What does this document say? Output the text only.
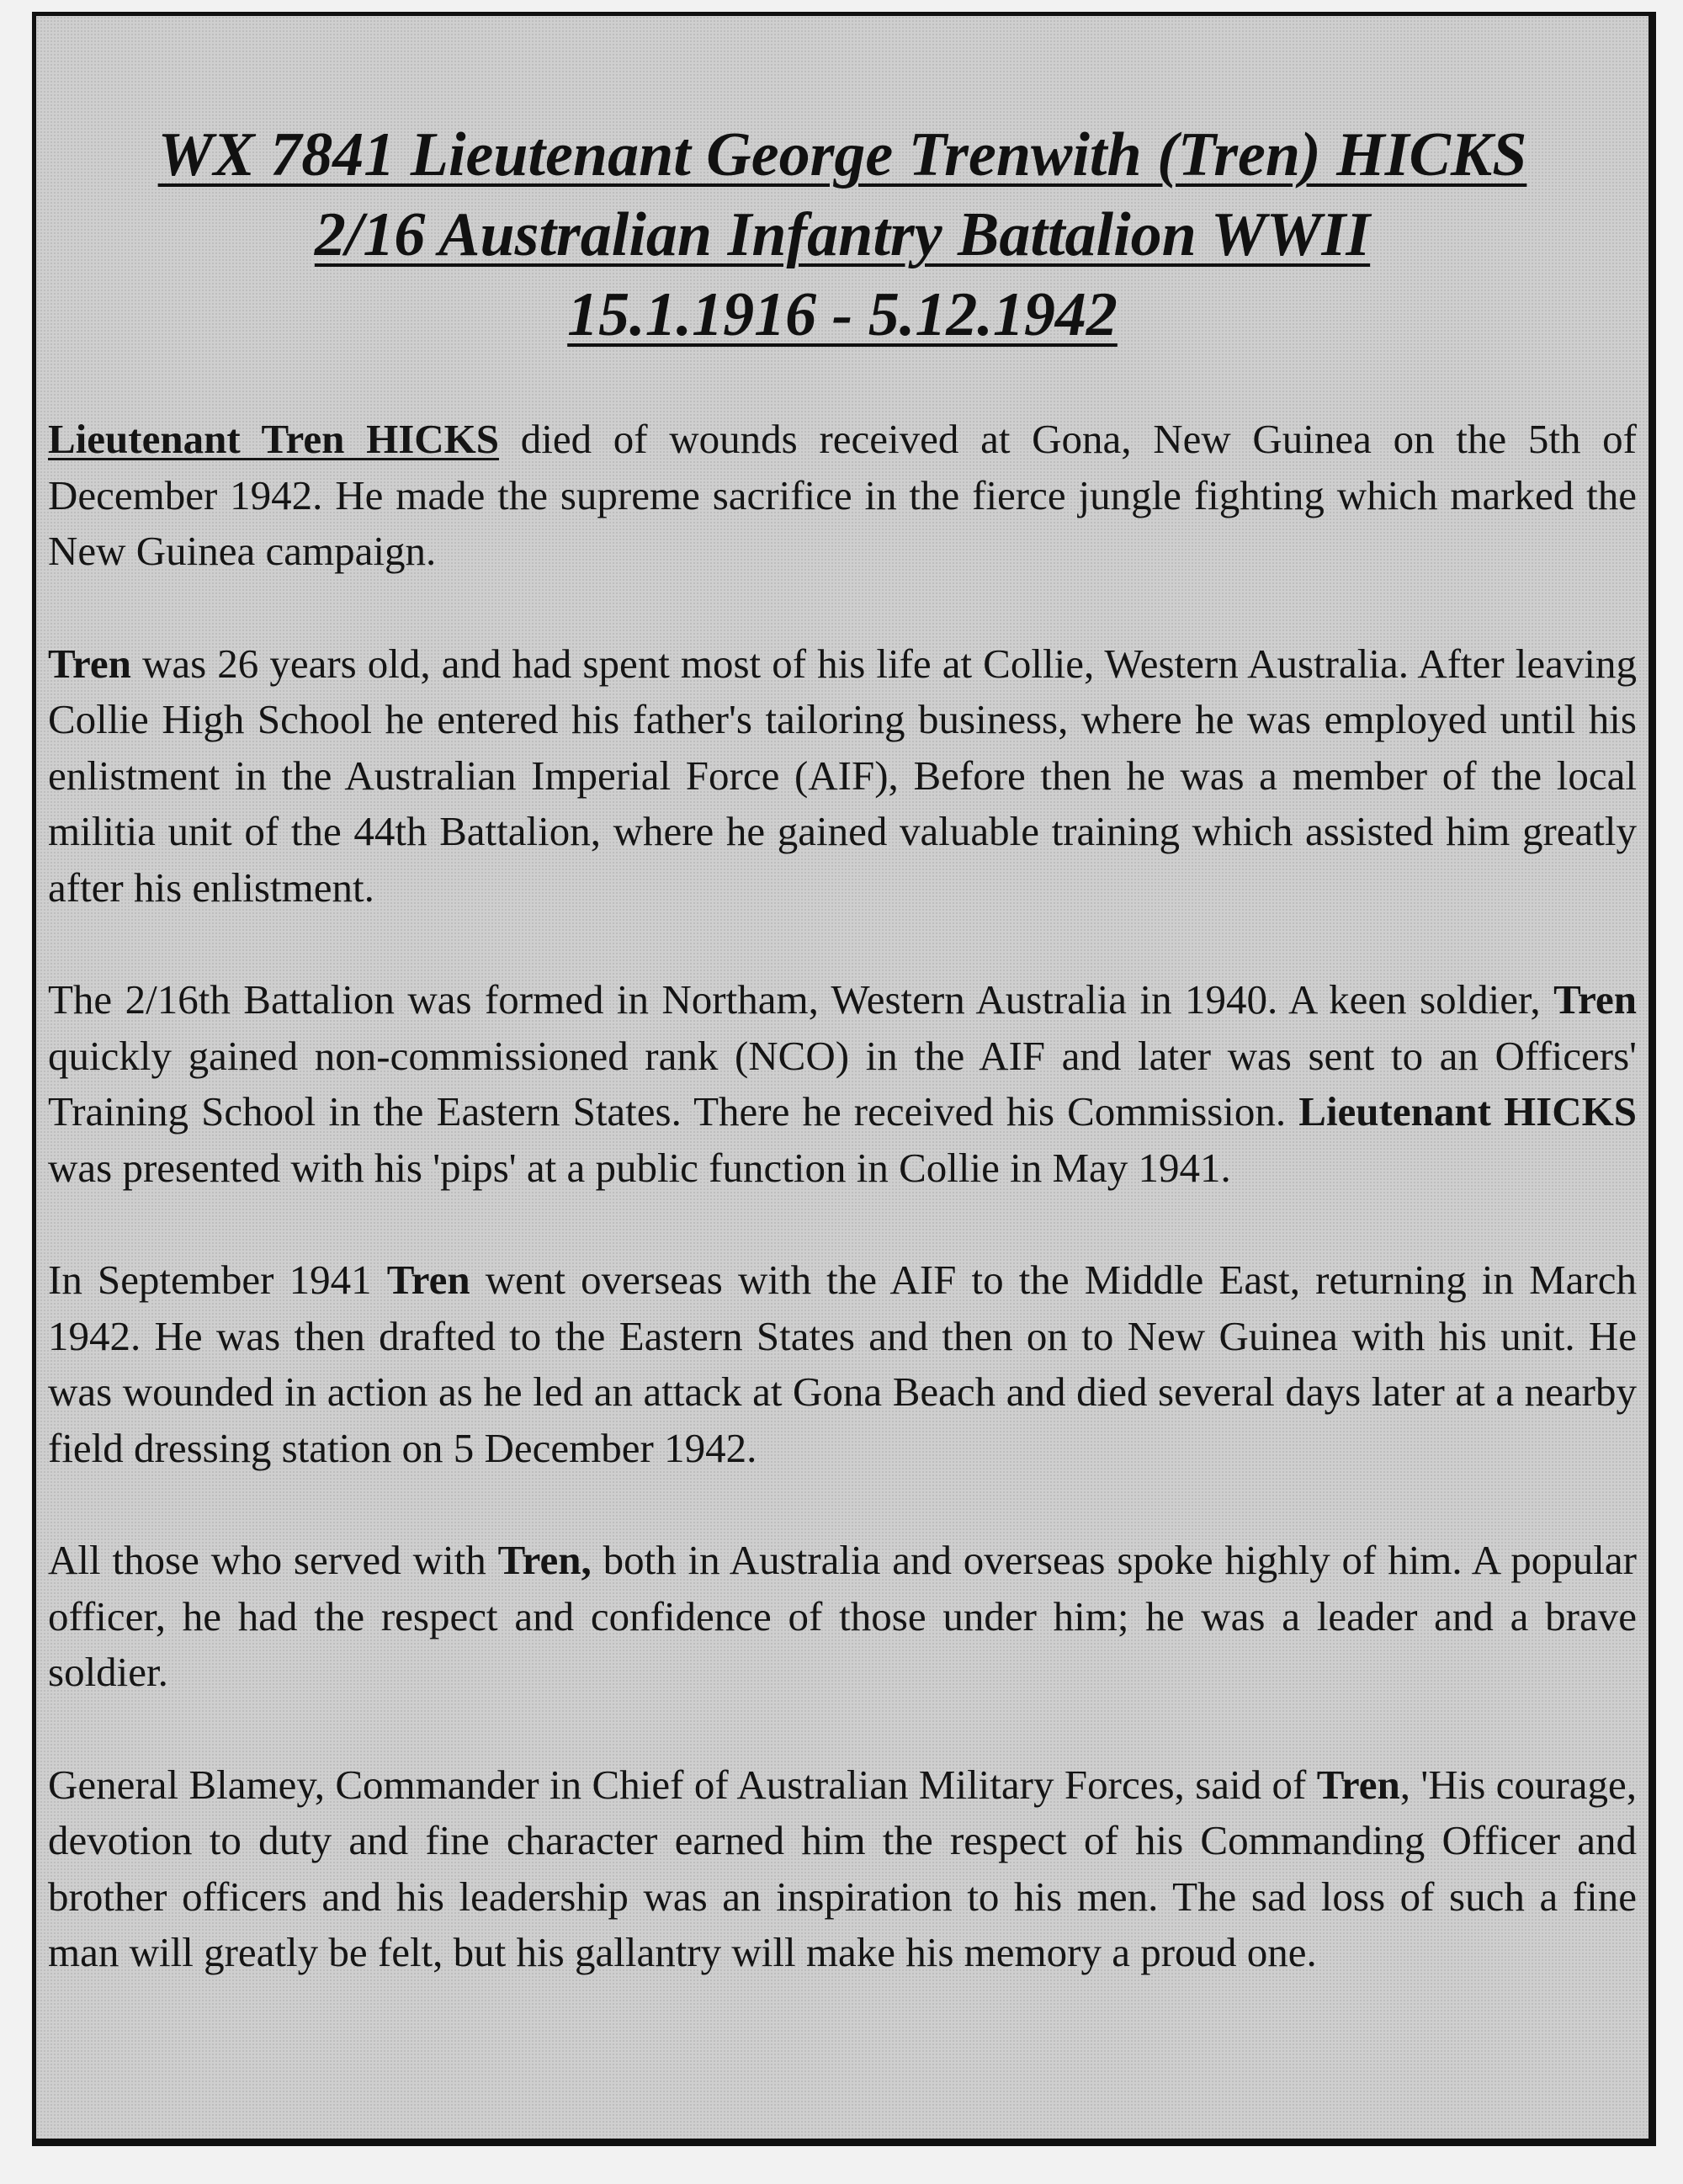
WX 7841 Lieutenant George Trenwith (Tren) HICKS
2/16 Australian Infantry Battalion WWII
15.1.1916 - 5.12.1942

Lieutenant Tren HICKS died of wounds received at Gona, New Guinea on the 5th of December 1942. He made the supreme sacrifice in the fierce jungle fighting which marked the New Guinea campaign.

Tren was 26 years old, and had spent most of his life at Collie, Western Australia. After leaving Collie High School he entered his father's tailoring business, where he was employed until his enlistment in the Australian Imperial Force (AIF), Before then he was a member of the local militia unit of the 44th Battalion, where he gained valuable training which assisted him greatly after his enlistment.

The 2/16th Battalion was formed in Northam, Western Australia in 1940. A keen soldier, Tren quickly gained non-commissioned rank (NCO) in the AIF and later was sent to an Officers' Training School in the Eastern States. There he received his Commission. Lieutenant HICKS was presented with his 'pips' at a public function in Collie in May 1941.

In September 1941 Tren went overseas with the AIF to the Middle East, returning in March 1942. He was then drafted to the Eastern States and then on to New Guinea with his unit. He was wounded in action as he led an attack at Gona Beach and died several days later at a nearby field dressing station on 5 December 1942.

All those who served with Tren, both in Australia and overseas spoke highly of him. A popular officer, he had the respect and confidence of those under him; he was a leader and a brave soldier.

General Blamey, Commander in Chief of Australian Military Forces, said of Tren, 'His courage, devotion to duty and fine character earned him the respect of his Commanding Officer and brother officers and his leadership was an inspiration to his men. The sad loss of such a fine man will greatly be felt, but his gallantry will make his memory a proud one.
